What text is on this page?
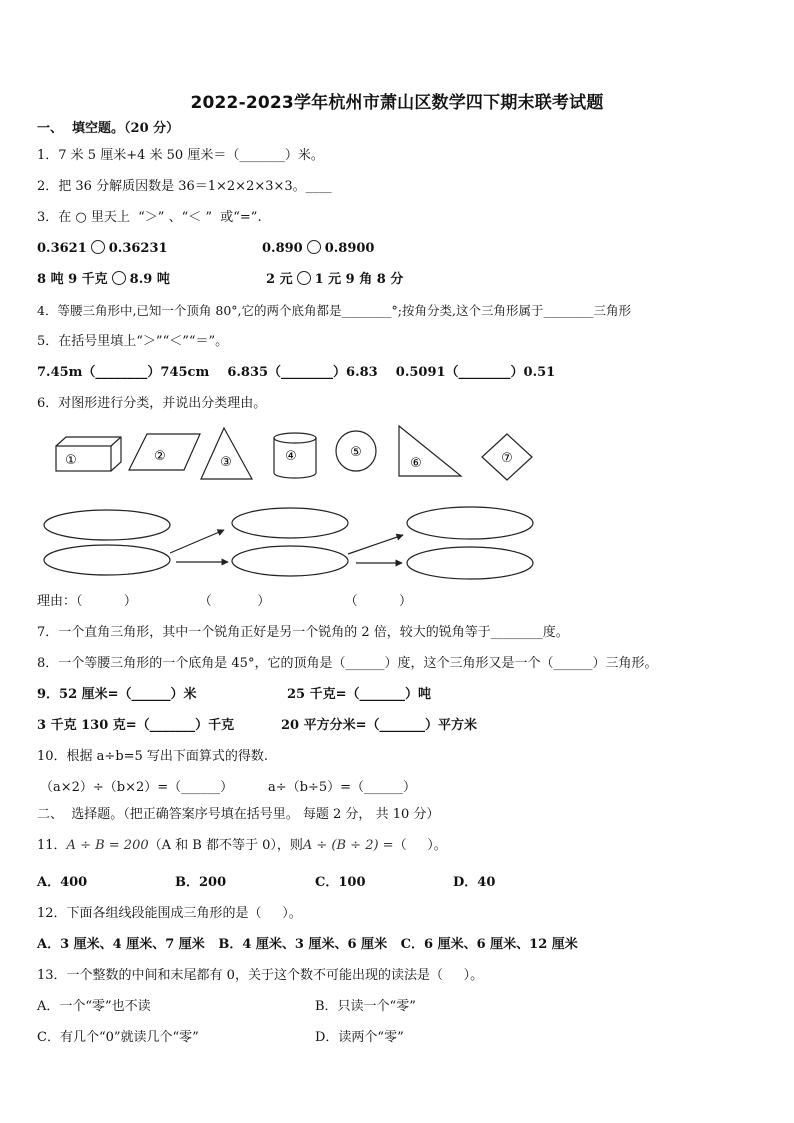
2022-2023学年杭州市萧山区数学四下期末联考试题
一、  填空题。（20 分）
1．7 米 5 厘米+4 米 50 厘米＝（_______）米。
2．把 36 分解质因数是 36＝1×2×2×3×3。____
3．在 ○ 里天上  “＞” 、“＜ ”  或“=”.
0.3621 0.36231	0.890 0.8900
8 吨 9 千克 8.9 吨	2 元 1 元 9 角 8 分
4．等腰三角形中,已知一个顶角 80°,它的两个底角都是________°;按角分类,这个三角形属于________三角形
5．在括号里填上“＞”“＜”“＝”。
7.45m（________）745cm    6.835（________）6.83    0.5091（________）0.51
6．对图形进行分类，并说出分类理由。
①	②	③	④	⑤
⑥	⑦
理由：（          ）               （           ）                  （          ）
7．一个直角三角形，其中一个锐角正好是另一个锐角的 2 倍，较大的锐角等于________度。
8．一个等腰三角形的一个底角是 45°，它的顶角是（______）度，这个三角形又是一个（______）三角形。
9．52 厘米=（______）米	25 千克=（_______）吨
3 千克 130 克=（_______）千克	20 平方分米=（_______）平方米
10．根据 a÷b=5 写出下面算式的得数.
（a×2）÷（b×2）=（______）	a÷（b÷5）=（______）
二、  选择题。（把正确答案序号填在括号里。 每题 2 分， 共 10 分）
11．A ÷ B = 200（A 和 B 都不等于 0），则A ÷ (B ÷ 2) =（     ）。
A．400	B．200	C．100	D．40
12．下面各组线段能围成三角形的是（     ）。
A．3 厘米、4 厘米、7 厘米   B．4 厘米、3 厘米、6 厘米   C．6 厘米、6 厘米、12 厘米
13．一个整数的中间和末尾都有 0，关于这个数不可能出现的读法是（     ）。
A．一个“零”也不读	B．只读一个“零”
C．有几个“0”就读几个“零”	D．读两个“零”
